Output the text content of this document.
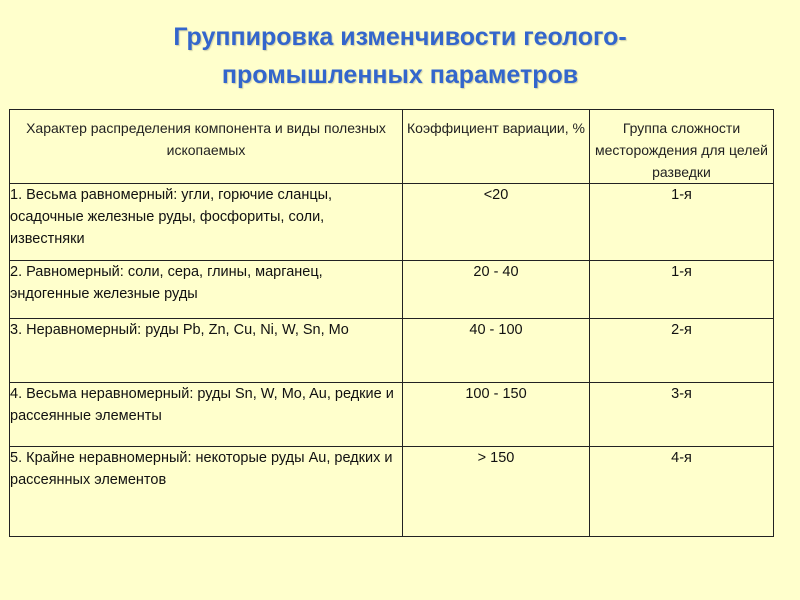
Группировка изменчивости геолого-
промышленных параметров
Характер распределения компонента и виды полезных ископаемых	Коэффициент вариации, %	Группа сложности месторождения для целей разведки
1. Весьма равномерный: угли, горючие сланцы, осадочные железные руды, фосфориты, соли, известняки	<20	1-я
2. Равномерный: соли, сера, глины, марганец, эндогенные железные руды	20 - 40	1-я
3. Неравномерный: руды Pb, Zn, Cu, Ni, W, Sn, Mo	40 - 100	2-я
4. Весьма неравномерный: руды Sn, W, Mo, Au, редкие и рассеянные элементы	100 - 150	3-я
5. Крайне неравномерный: некоторые руды Au, редких и рассеянных элементов	> 150	4-я
